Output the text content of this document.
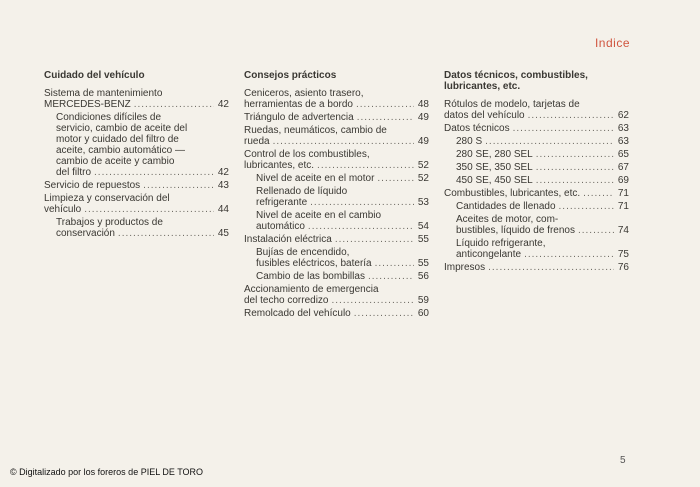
Indice
Cuidado del vehículo
Sistema de mantenimiento
MERCEDES-BENZ .....	42
Condiciones difíciles de
servicio, cambio de aceite del
motor y cuidado del filtro de
aceite, cambio automático —
cambio de aceite y cambio
del filtro .....	42
Servicio de repuestos .....	43
Limpieza y conservación del
vehículo .....	44
Trabajos y productos de
conservación .....	45
Consejos prácticos
Ceniceros, asiento trasero,
herramientas de a bordo .....	48
Triángulo de advertencia .....	49
Ruedas, neumáticos, cambio de
rueda .....	49
Control de los combustibles,
lubricantes, etc. .....	52
Nivel de aceite en el motor .....	52
Rellenado de líquido
refrigerante .....	53
Nivel de aceite en el cambio
automático .....	54
Instalación eléctrica .....	55
Bujías de encendido,
fusibles eléctricos, batería .....	55
Cambio de las bombillas .....	56
Accionamiento de emergencia
del techo corredizo .....	59
Remolcado del vehículo .....	60
Datos técnicos, combustibles,
lubricantes, etc.
Rótulos de modelo, tarjetas de
datos del vehículo .....	62
Datos técnicos .....	63
280 S .....	63
280 SE, 280 SEL .....	65
350 SE, 350 SEL .....	67
450 SE, 450 SEL .....	69
Combustibles, lubricantes, etc. .....	71
Cantidades de llenado .....	71
Aceites de motor, com-
bustibles, líquido de frenos .....	74
Líquido refrigerante,
anticongelante .....	75
Impresos .....	76
© Digitalizado por los foreros de PIEL DE TORO
5
